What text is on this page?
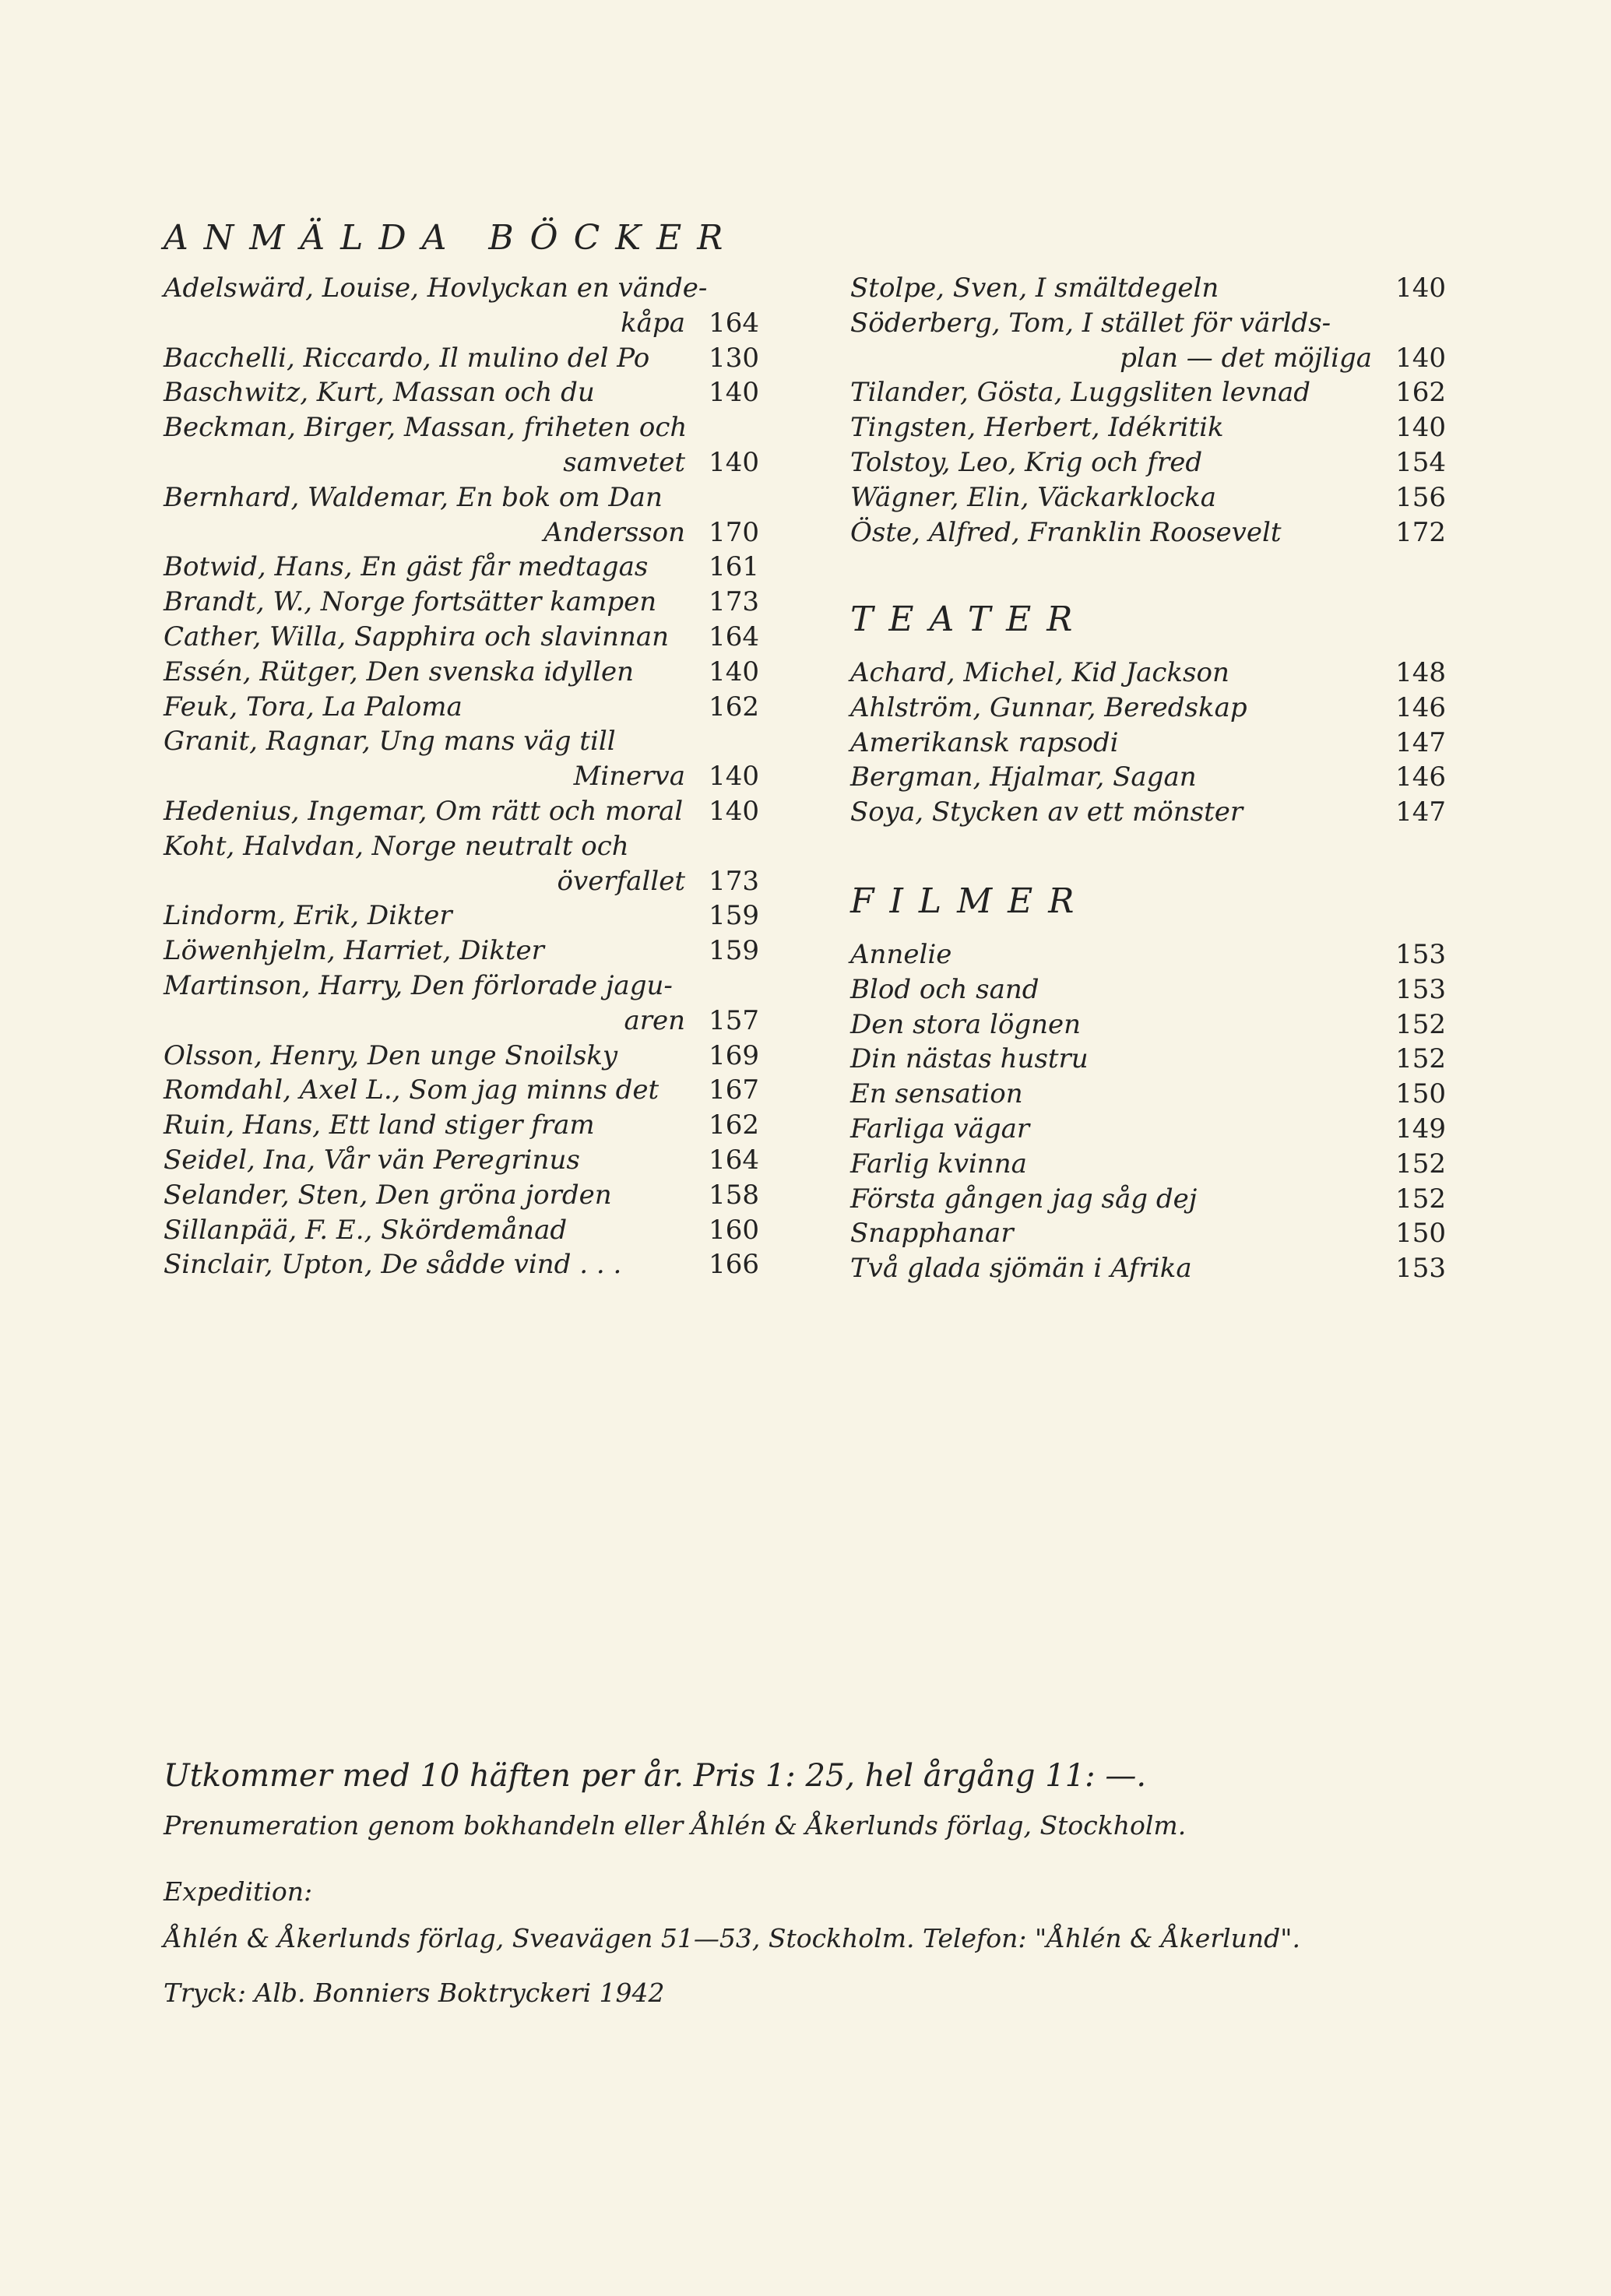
ANMÄLDA BÖCKER
Adelswärd, Louise, Hovlyckan en vände-
kåpa 164
Bacchelli, Riccardo, Il mulino del Po	130
Baschwitz, Kurt, Massan och du	140
Beckman, Birger, Massan, friheten och
samvetet 140
Bernhard, Waldemar, En bok om Dan
Andersson 170
Botwid, Hans, En gäst får medtagas	161
Brandt, W., Norge fortsätter kampen	173
Cather, Willa, Sapphira och slavinnan	164
Essén, Rütger, Den svenska idyllen	140
Feuk, Tora, La Paloma	162
Granit, Ragnar, Ung mans väg till
Minerva 140
Hedenius, Ingemar, Om rätt och moral 140
Koht, Halvdan, Norge neutralt och
överfallet 173
Lindorm, Erik, Dikter	159
Löwenhjelm, Harriet, Dikter	159
Martinson, Harry, Den förlorade jagu-
aren 157
Olsson, Henry, Den unge Snoilsky	169
Romdahl, Axel L., Som jag minns det	167
Ruin, Hans, Ett land stiger fram	162
Seidel, Ina, Vår vän Peregrinus	164
Selander, Sten, Den gröna jorden	158
Sillanpää, F. E., Skördemånad	160
Sinclair, Upton, De sådde vind . . .	166
Stolpe, Sven, I smältdegeln	140
Söderberg, Tom, I stället för världs-
plan — det möjliga 140
Tilander, Gösta, Luggsliten levnad	162
Tingsten, Herbert, Idékritik	140
Tolstoy, Leo, Krig och fred	154
Wägner, Elin, Väckarklocka	156
Öste, Alfred, Franklin Roosevelt	172
TEATER
Achard, Michel, Kid Jackson	148
Ahlström, Gunnar, Beredskap	146
Amerikansk rapsodi	147
Bergman, Hjalmar, Sagan	146
Soya, Stycken av ett mönster	147
FILMER
Annelie	153
Blod och sand	153
Den stora lögnen	152
Din nästas hustru	152
En sensation	150
Farliga vägar	149
Farlig kvinna	152
Första gången jag såg dej	152
Snapphanar	150
Två glada sjömän i Afrika	153
Utkommer med 10 häften per år. Pris 1: 25, hel årgång 11: —.
Prenumeration genom bokhandeln eller Åhlén & Åkerlunds förlag, Stockholm.
Expedition:
Åhlén & Åkerlunds förlag, Sveavägen 51—53, Stockholm. Telefon: "Åhlén & Åkerlund".
Tryck: Alb. Bonniers Boktryckeri 1942
